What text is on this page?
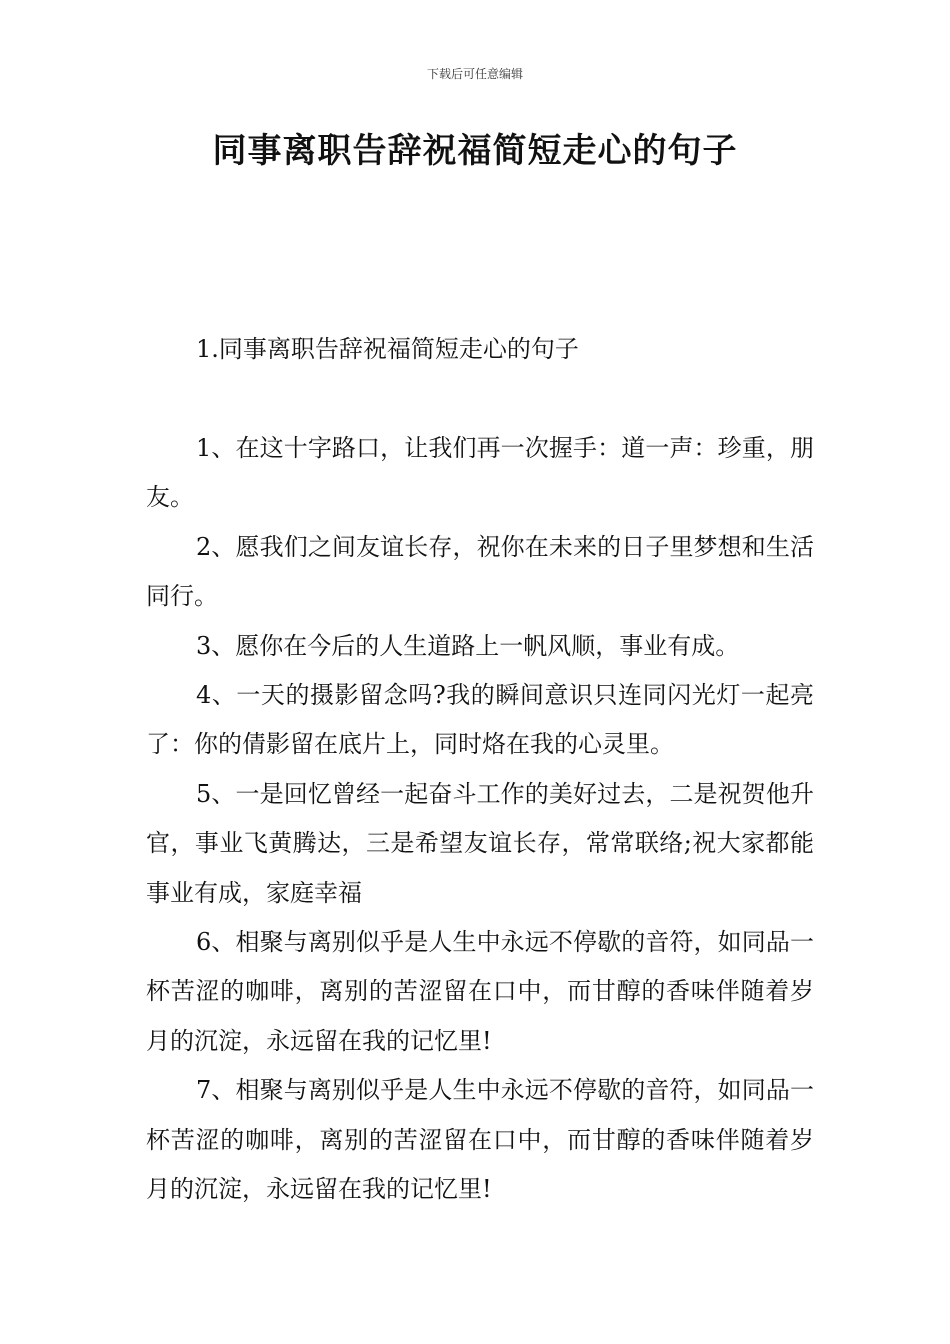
下载后可任意编辑
同事离职告辞祝福简短走心的句子
1.同事离职告辞祝福简短走心的句子

1、在这十字路口，让我们再一次握手：道一声：珍重，朋友。

2、愿我们之间友谊长存，祝你在未来的日子里梦想和生活同行。

3、愿你在今后的人生道路上一帆风顺，事业有成。

4、一天的摄影留念吗?我的瞬间意识只连同闪光灯一起亮了：你的倩影留在底片上，同时烙在我的心灵里。

5、一是回忆曾经一起奋斗工作的美好过去，二是祝贺他升官，事业飞黄腾达，三是希望友谊长存，常常联络;祝大家都能事业有成，家庭幸福

6、相聚与离别似乎是人生中永远不停歇的音符，如同品一杯苦涩的咖啡，离别的苦涩留在口中，而甘醇的香味伴随着岁月的沉淀，永远留在我的记忆里!

7、相聚与离别似乎是人生中永远不停歇的音符，如同品一杯苦涩的咖啡，离别的苦涩留在口中，而甘醇的香味伴随着岁月的沉淀，永远留在我的记忆里!
